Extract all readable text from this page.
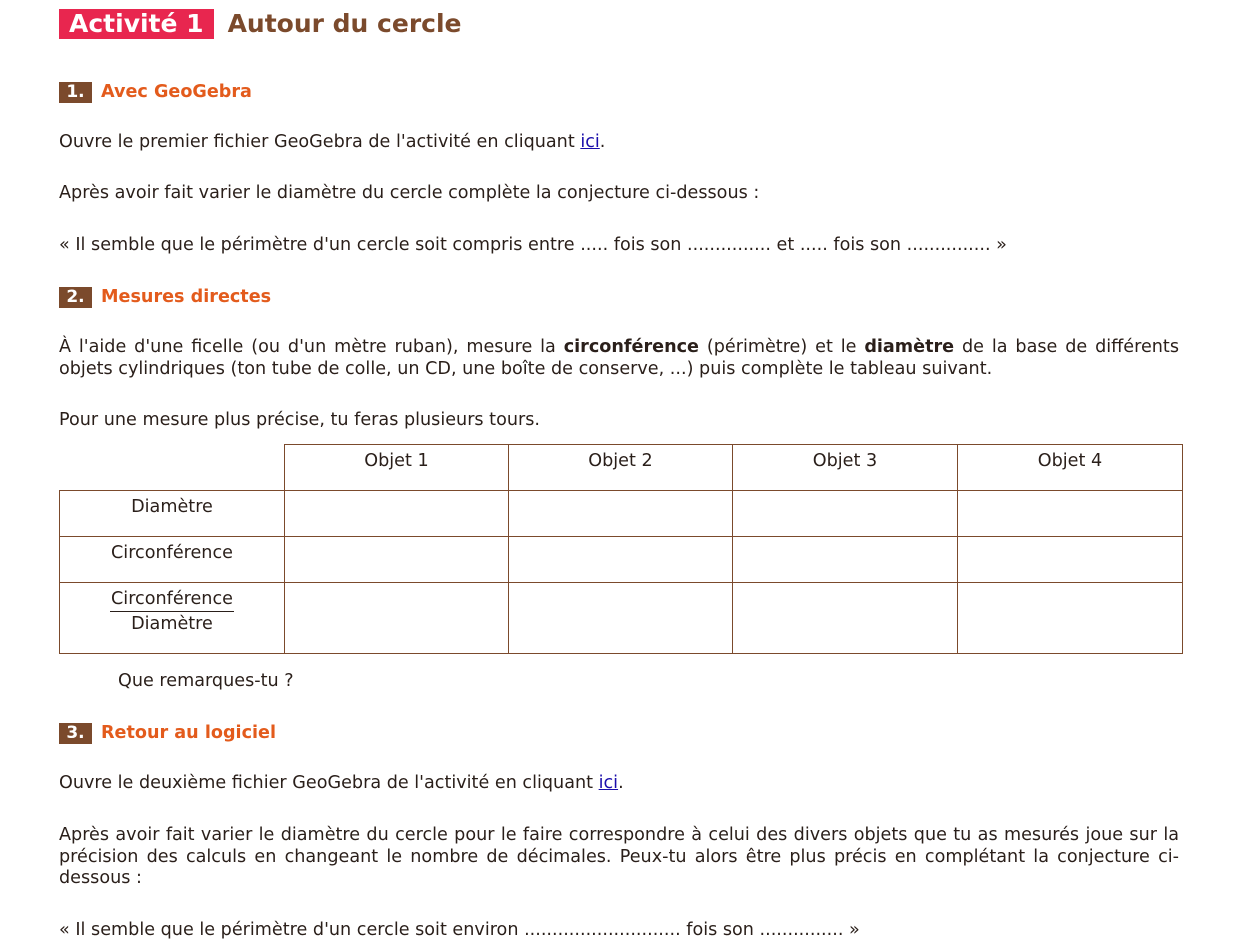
Activité 1 Autour du cercle
1. Avec GeoGebra

Ouvre le premier fichier GeoGebra de l'activité en cliquant ici.

Après avoir fait varier le diamètre du cercle complète la conjecture ci-dessous :

« Il semble que le périmètre d'un cercle soit compris entre ..... fois son ............... et ..... fois son ............... »

2. Mesures directes

À l'aide d'une ficelle (ou d'un mètre ruban), mesure la circonférence (périmètre) et le diamètre de la base de différents objets cylindriques (ton tube de colle, un CD, une boîte de conserve, ...) puis complète le tableau suivant.

Pour une mesure plus précise, tu feras plusieurs tours.

	Objet 1	Objet 2	Objet 3	Objet 4
Diamètre				
Circonférence				

$\frac{\text{Circonférence}}{\text{Diamètre}}$

Que remarques-tu ?

3. Retour au logiciel

Ouvre le deuxième fichier GeoGebra de l'activité en cliquant ici.

Après avoir fait varier le diamètre du cercle pour le faire correspondre à celui des divers objets que tu as mesurés joue sur la précision des calculs en changeant le nombre de décimales. Peux-tu alors être plus précis en complétant la conjecture ci-dessous :

« Il semble que le périmètre d'un cercle soit environ ............................ fois son ............... »
